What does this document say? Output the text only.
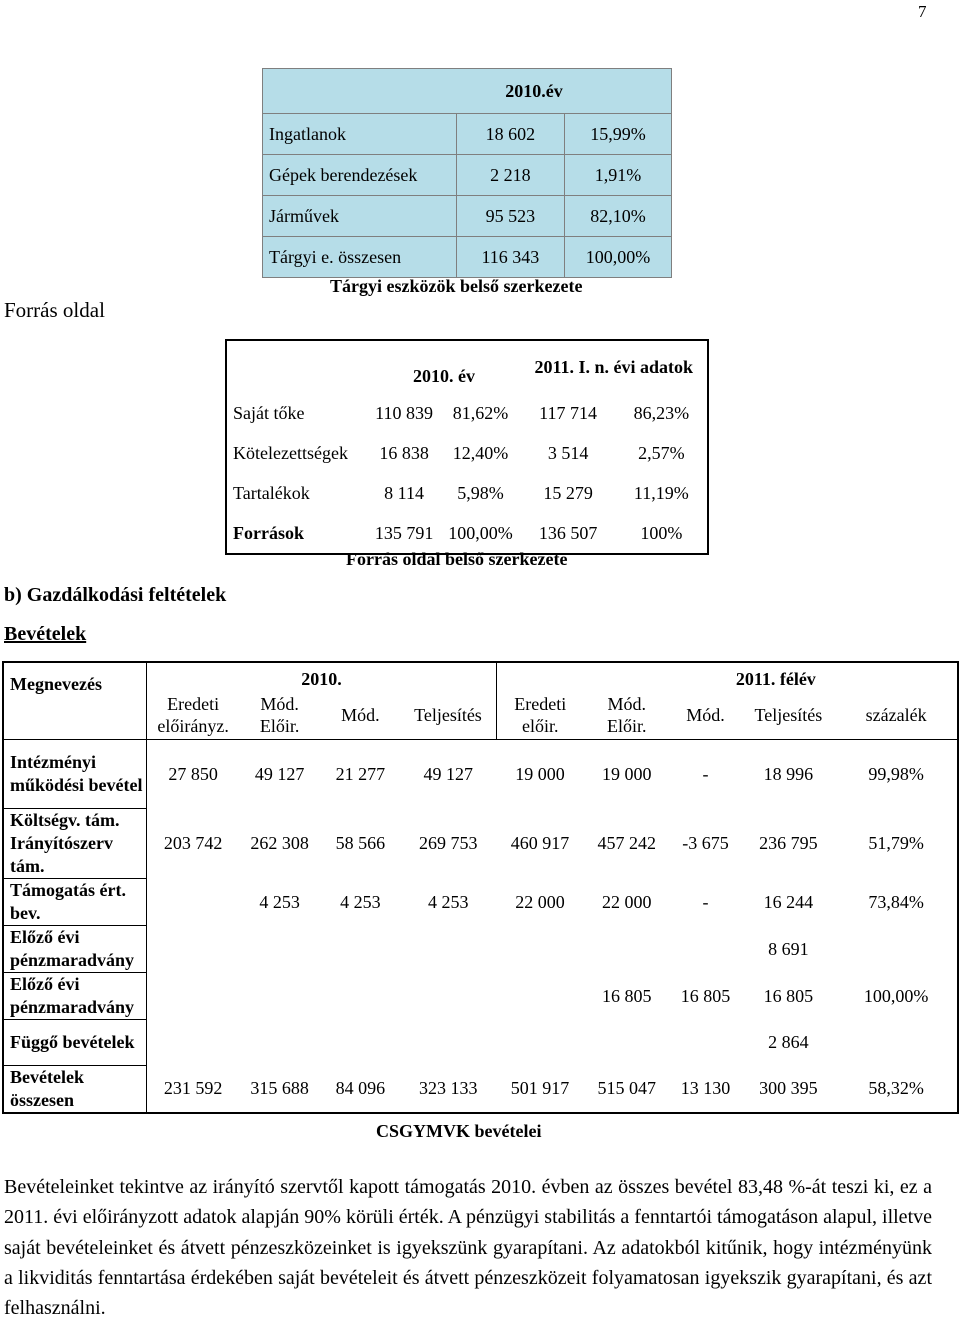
7
2010.év		
Ingatlanok	18 602	15,99%
Gépek berendezések	2 218	1,91%
Járművek	95 523	82,10%
Tárgyi e. összesen	116 343	100,00%
Tárgyi eszközök belső szerkezete
Forrás oldal
	2010. év		2011. I. n. évi adatok	
Saját tőke	110 839	81,62%	117 714	86,23%
Kötelezettségek	16 838	12,40%	3 514	2,57%
Tartalékok	8 114	5,98%	15 279	11,19%
Források	135 791	100,00%	136 507	100%
Forrás oldal belső szerkezete
b) Gazdálkodási feltételek
Bevételek
Megnevezés	2010.				2011. félév				
	Eredeti előirányz.	Mód. Előir.	Mód.	Teljesítés	Eredeti előir.	Mód. Előir.	Mód.	Teljesítés	százalék
Intézményi működési bevétel	27 850	49 127	21 277	49 127	19 000	19 000	-	18 996	99,98%
Költségv. tám. Irányítószerv tám.	203 742	262 308	58 566	269 753	460 917	457 242	-3 675	236 795	51,79%
Támogatás ért. bev.		4 253	4 253	4 253	22 000	22 000	-	16 244	73,84%
Előző évi pénzmaradvány								8 691	
Előző évi pénzmaradvány						16 805	16 805	16 805	100,00%
Függő bevételek								2 864	
Bevételek összesen	231 592	315 688	84 096	323 133	501 917	515 047	13 130	300 395	58,32%
CSGYMVK bevételei
Bevételeinket tekintve az irányító szervtől kapott támogatás 2010. évben az összes bevétel 83,48 %-át teszi ki, ez a 2011. évi előirányzott adatok alapján 90% körüli érték. A pénzügyi stabilitás a fenntartói támogatáson alapul, illetve saját bevételeinket és átvett pénzeszközeinket is igyekszünk gyarapítani. Az adatokból kitűnik, hogy intézményünk a likviditás fenntartása érdekében saját bevételeit és átvett pénzeszközeit folyamatosan igyekszik gyarapítani, és azt felhasználni.
